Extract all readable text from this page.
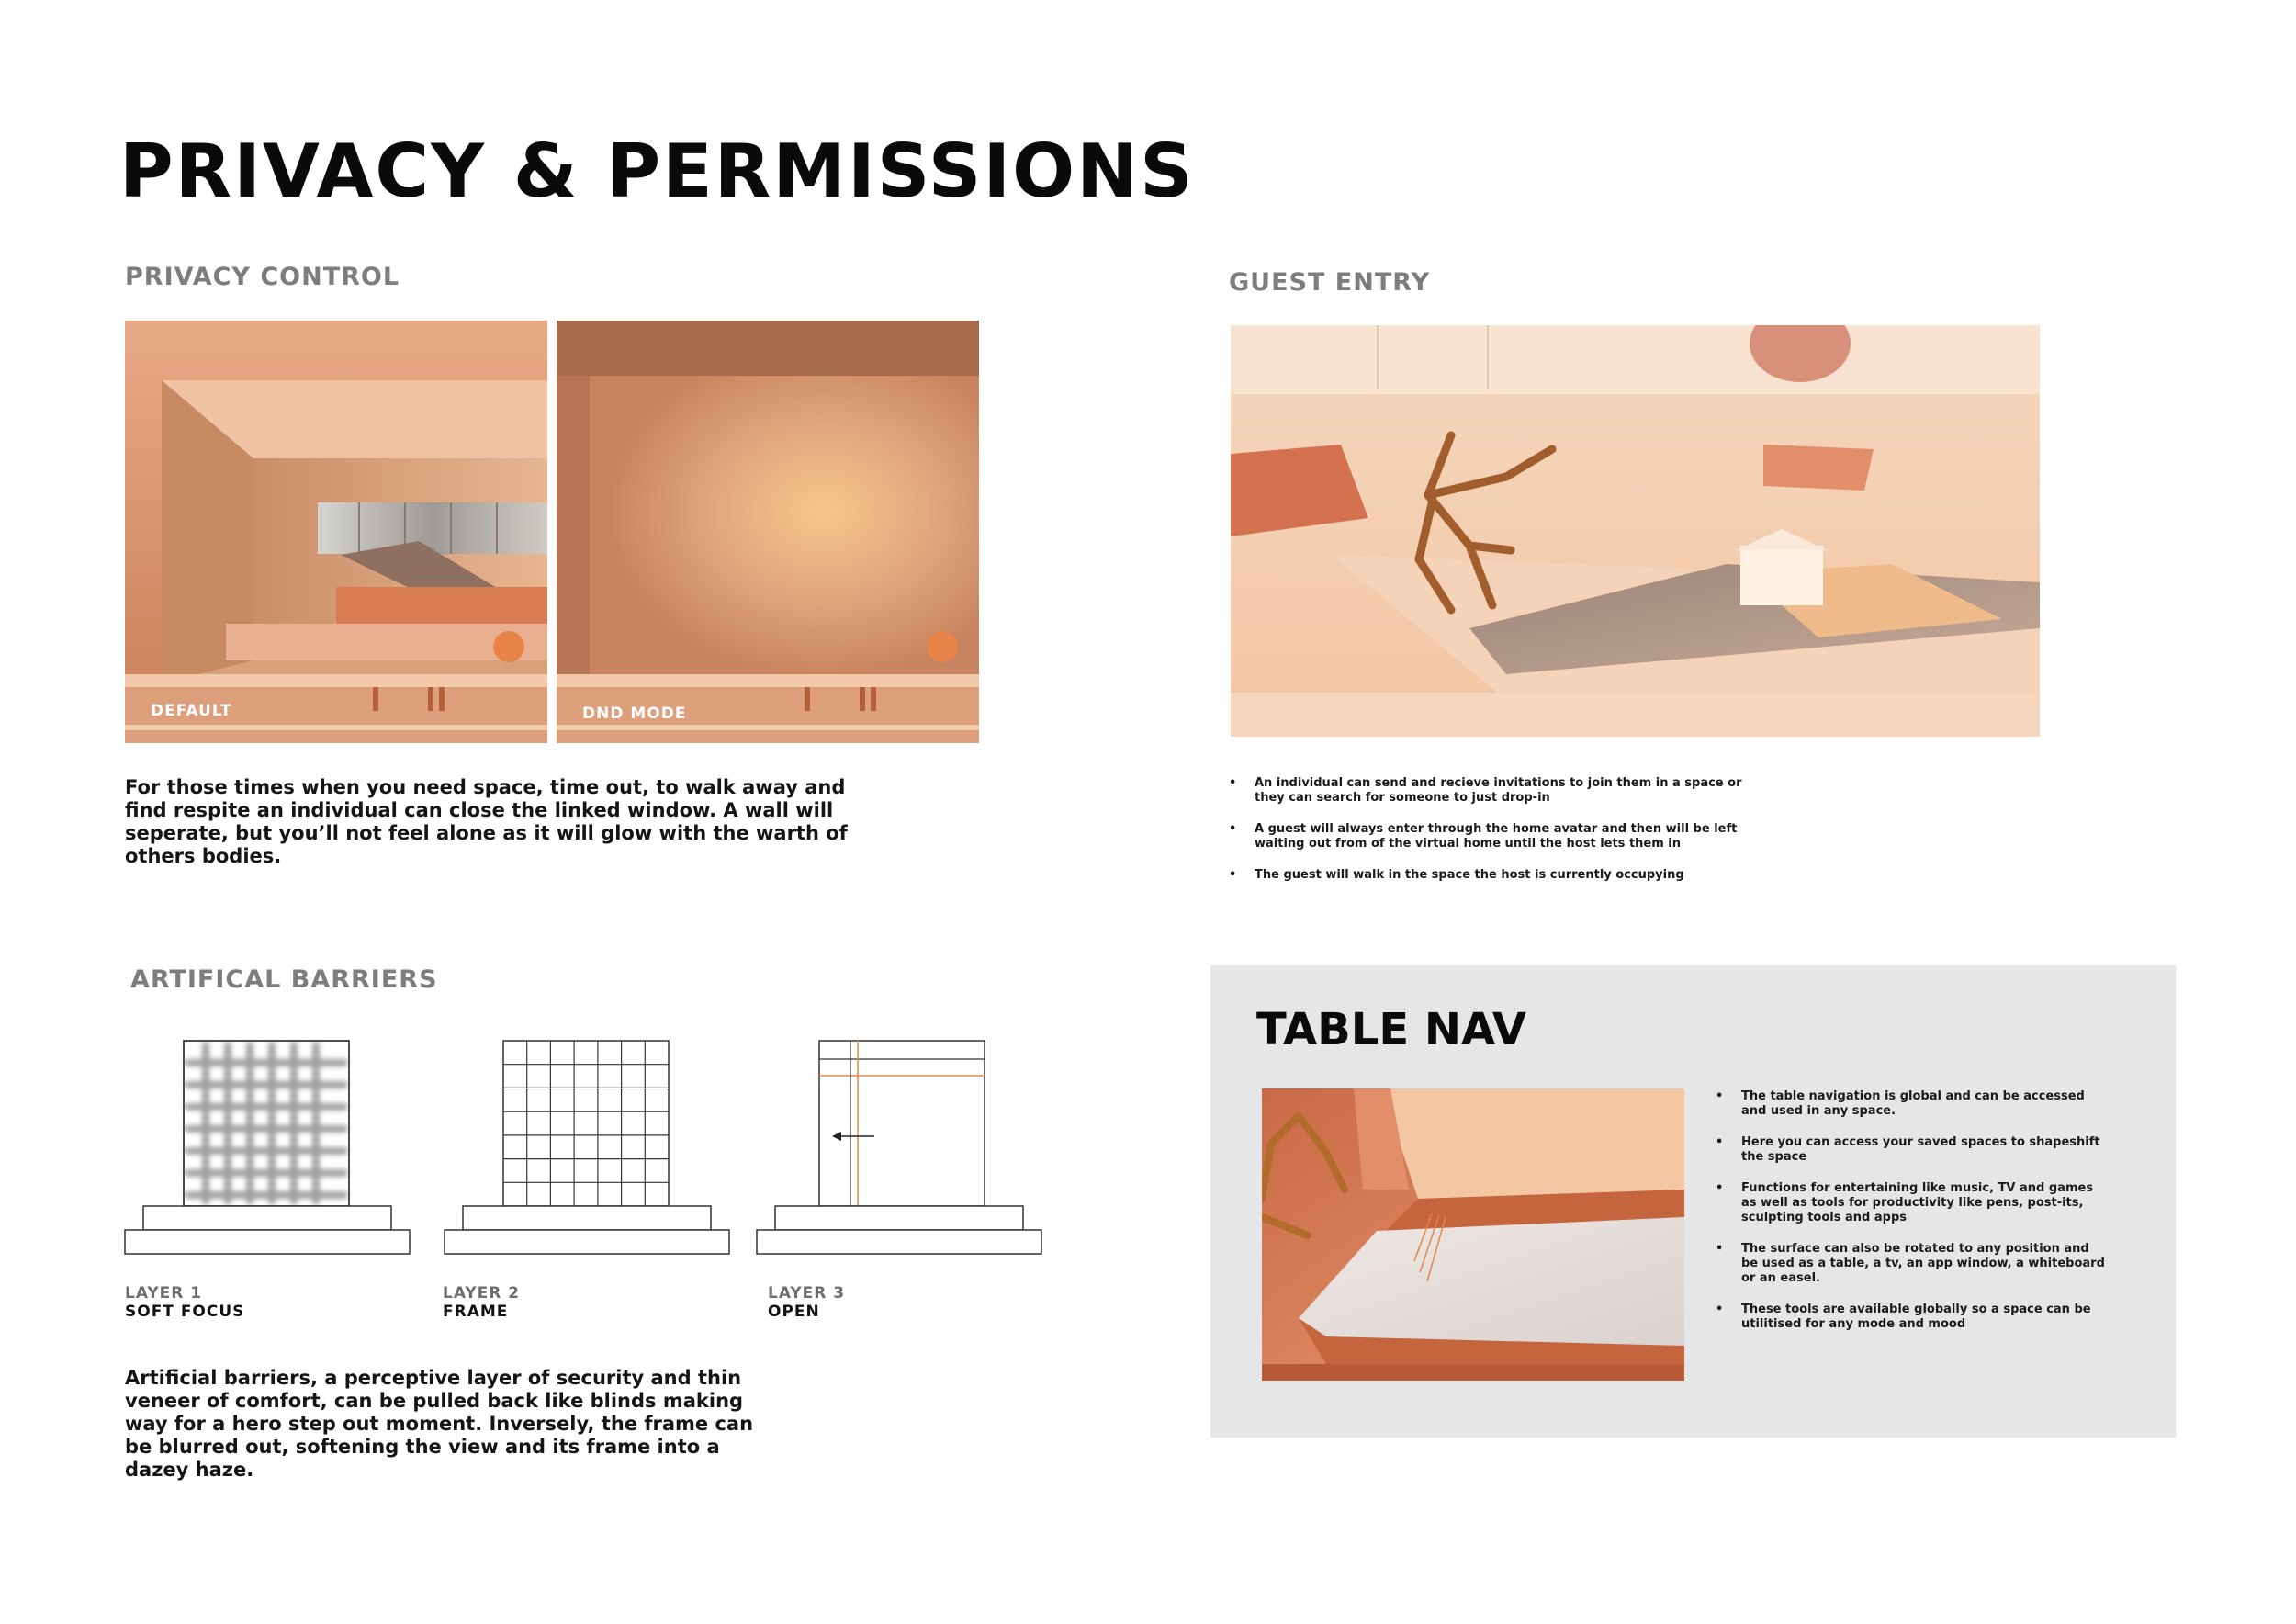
PRIVACY & PERMISSIONS
PRIVACY CONTROL
DEFAULT	DND MODE

For those times when you need space, time out, to walk away and find respite an individual can close the linked window. A wall will seperate, but you’ll not feel alone as it will glow with the warth of others bodies.

GUEST ENTRY
• An individual can send and recieve invitations to join them in a space or they can search for someone to just drop-in
• A guest will always enter through the home avatar and then will be left waiting out from of the virtual home until the host lets them in
• The guest will walk in the space the host is currently occupying
ARTIFICAL BARRIERS
LAYER 1
SOFT FOCUS
LAYER 2
FRAME
LAYER 3
OPEN

Artificial barriers, a perceptive layer of security and thin veneer of comfort, can be pulled back like blinds making way for a hero step out moment. Inversely, the frame can be blurred out, softening the view and its frame into a dazey haze.

TABLE NAV
• The table navigation is global and can be accessed and used in any space.
• Here you can access your saved spaces to shapeshift the space
• Functions for entertaining like music, TV and games as well as tools for productivity like pens, post-its, sculpting tools and apps
• The surface can also be rotated to any position and be used as a table, a tv, an app window, a whiteboard or an easel.
• These tools are available globally so a space can be utilitised for any mode and mood
